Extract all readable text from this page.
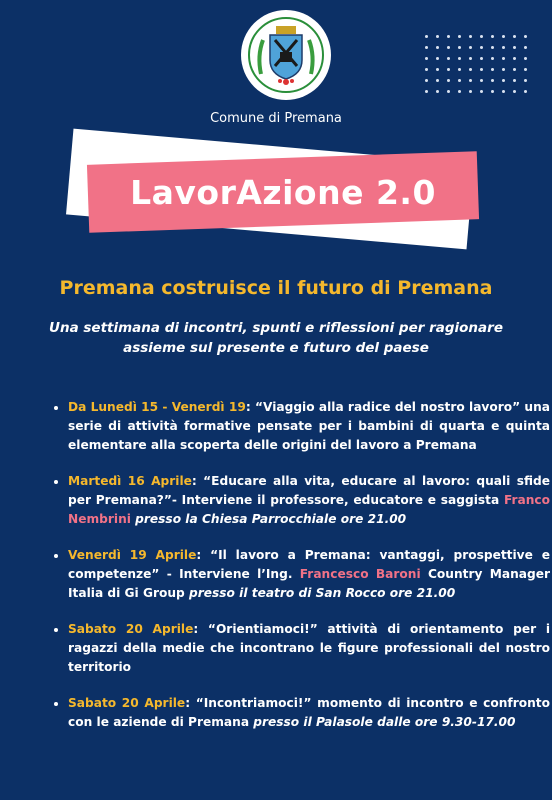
Comune di Premana
LavorAzione 2.0
Premana costruisce il futuro di Premana
Una settimana di incontri, spunti e riflessioni per ragionare assieme sul presente e futuro del paese
• Da Lunedì 15 - Venerdì 19: “Viaggio alla radice del nostro lavoro” una serie di attività formative pensate per i bambini di quarta e quinta elementare alla scoperta delle origini del lavoro a Premana
• Martedì 16 Aprile: “Educare alla vita, educare al lavoro: quali sfide per Premana?”- Interviene il professore, educatore e saggista Franco Nembrini presso la Chiesa Parrocchiale ore 21.00
• Venerdì 19 Aprile: “Il lavoro a Premana: vantaggi, prospettive e competenze” - Interviene l’Ing. Francesco Baroni Country Manager Italia di Gi Group presso il teatro di San Rocco ore 21.00
• Sabato 20 Aprile: “Orientiamoci!” attività di orientamento per i ragazzi della medie che incontrano le figure professionali del nostro territorio
• Sabato 20 Aprile: “Incontriamoci!” momento di incontro e confronto con le aziende di Premana presso il Palasole dalle ore 9.30-17.00
